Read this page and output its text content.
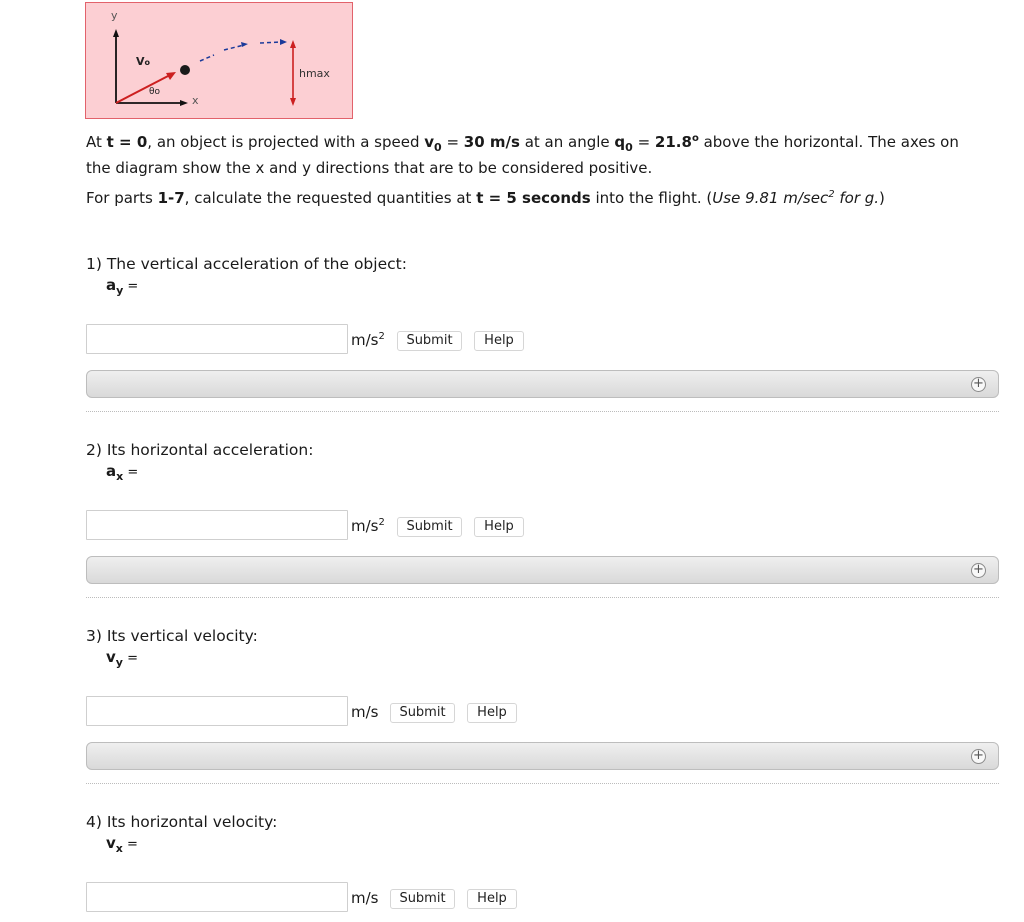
y
x
Vo
θo
hmax
At t = 0, an object is projected with a speed $v_0 = 30$ m/s at an angle $q_0 = 21.8^o$ above the horizontal. The axes on the diagram show the x and y directions that are to be considered positive.
For parts 1-7, calculate the requested quantities at t = 5 seconds into the flight. (Use 9.81 $m/\sec^2$ for g.)
1) The vertical acceleration of the object:
$a_y$ =
$m/s^2$	Submit	Help
+
2) Its horizontal acceleration:
$a_x$ =
$m/s^2$	Submit	Help
+
3) Its vertical velocity:
$v_y$ =
m/s	Submit	Help
+
4) Its horizontal velocity:
$v_x$ =
m/s	Submit	Help
